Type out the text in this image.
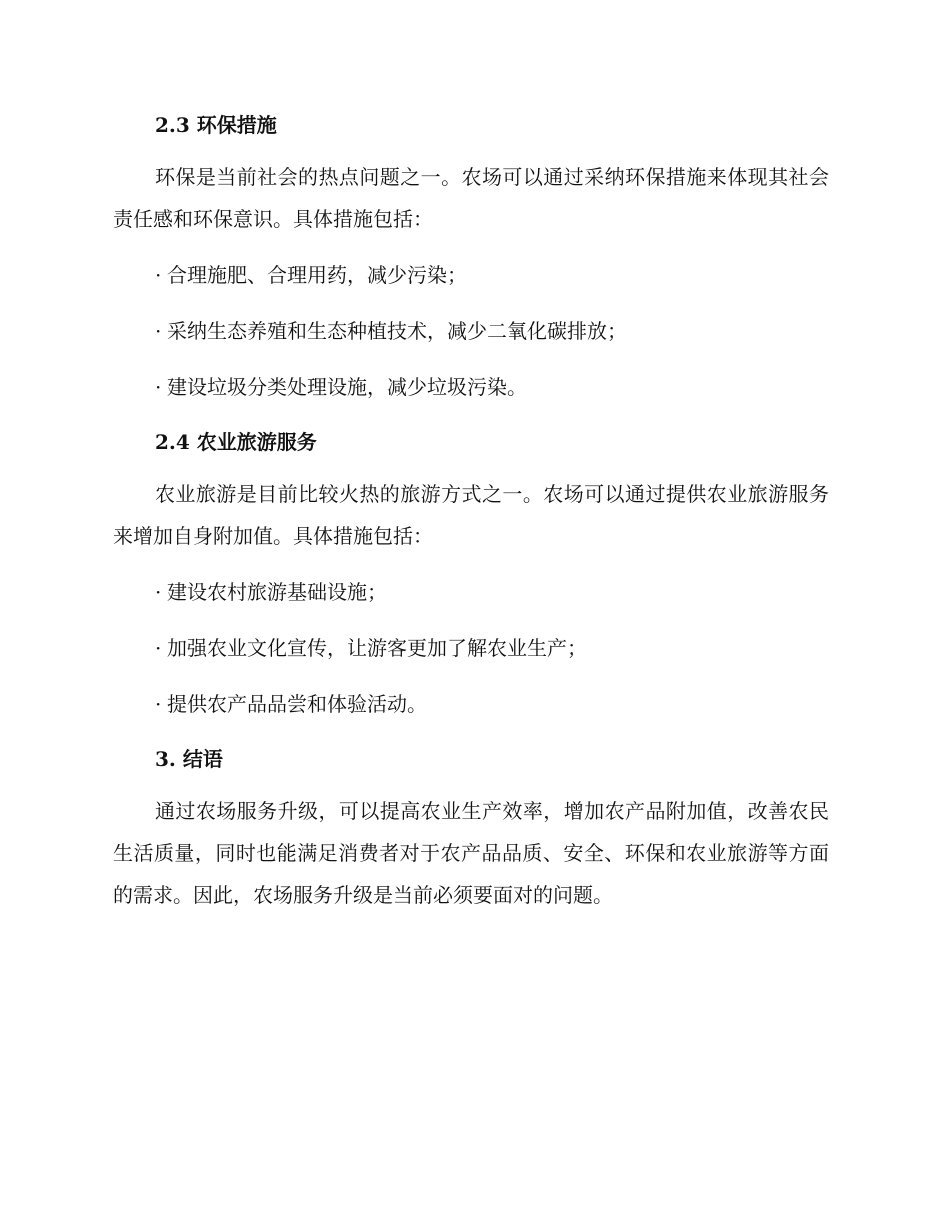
2.3 环保措施

环保是当前社会的热点问题之一。农场可以通过采纳环保措施来体现其社会责任感和环保意识。具体措施包括：

· 合理施肥、合理用药，减少污染；

· 采纳生态养殖和生态种植技术，减少二氧化碳排放；

· 建设垃圾分类处理设施，减少垃圾污染。

2.4 农业旅游服务

农业旅游是目前比较火热的旅游方式之一。农场可以通过提供农业旅游服务来增加自身附加值。具体措施包括：

· 建设农村旅游基础设施；

· 加强农业文化宣传，让游客更加了解农业生产；

· 提供农产品品尝和体验活动。

3. 结语

通过农场服务升级，可以提高农业生产效率，增加农产品附加值，改善农民生活质量，同时也能满足消费者对于农产品品质、安全、环保和农业旅游等方面的需求。因此，农场服务升级是当前必须要面对的问题。
